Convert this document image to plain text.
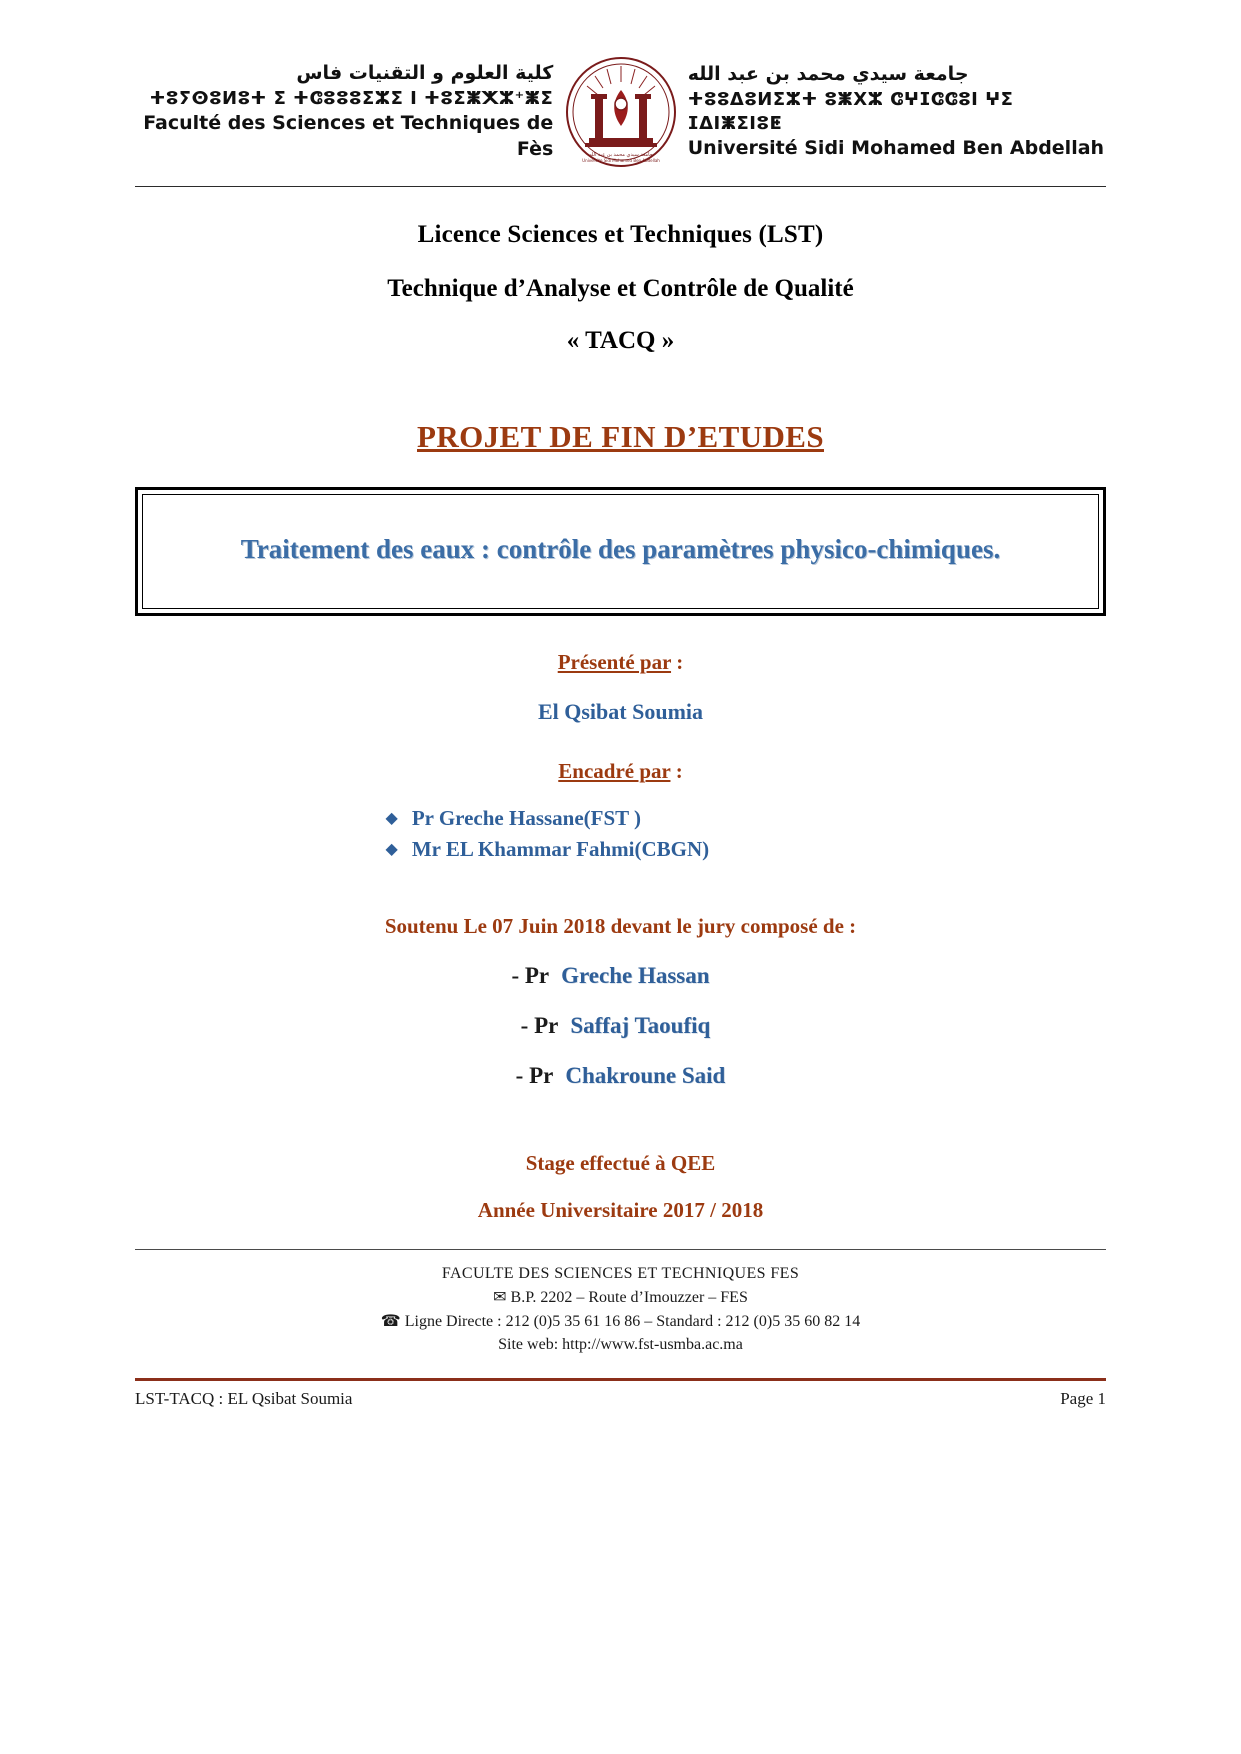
كلية العلوم و التقنيات فاس
ⵜⵓⵢⵙⵓⵍⵓⵜ ⵉ ⵜⵛⵓⵓⵓⵉⵣⵉ ⵏ ⵜⵓⵉⵥⵅⵣ⁺ⵥⵉ
Faculté des Sciences et Techniques de Fès	جامعة سيدي محمد بن عبد الله
Universite Sidi Mohamed Ben Abdellah
جامعة سيدي محمد بن عبد الله
ⵜⵓⵓⵠⵓⵍⵉⵣⵜ ⵓⵥⵝⵣ ⵛⵖⵊⵛⵛⵓⵏ ⵖⵉ ⵊⵠⵏⵥⵉⵏⵓⵟ
Université Sidi Mohamed Ben Abdellah
Licence Sciences et Techniques (LST)
Technique d’Analyse et Contrôle de Qualité
« TACQ »
PROJET DE FIN D’ETUDES
Traitement des eaux : contrôle des paramètres physico-chimiques.
Présenté par :
El Qsibat Soumia
Encadré par :
◆ Pr Greche Hassane(FST )
◆ Mr EL Khammar Fahmi(CBGN)
Soutenu Le 07 Juin 2018 devant le jury composé de :
- Pr Greche Hassan
- Pr Saffaj Taoufiq
- Pr Chakroune Said
Stage effectué à QEE
Année Universitaire 2017 / 2018
FACULTE DES SCIENCES ET TECHNIQUES FES
✉ B.P. 2202 – Route d’Imouzzer – FES
☎ Ligne Directe : 212 (0)5 35 61 16 86 – Standard : 212 (0)5 35 60 82 14
Site web: http://www.fst-usmba.ac.ma
LST-TACQ : EL Qsibat Soumia	Page 1
